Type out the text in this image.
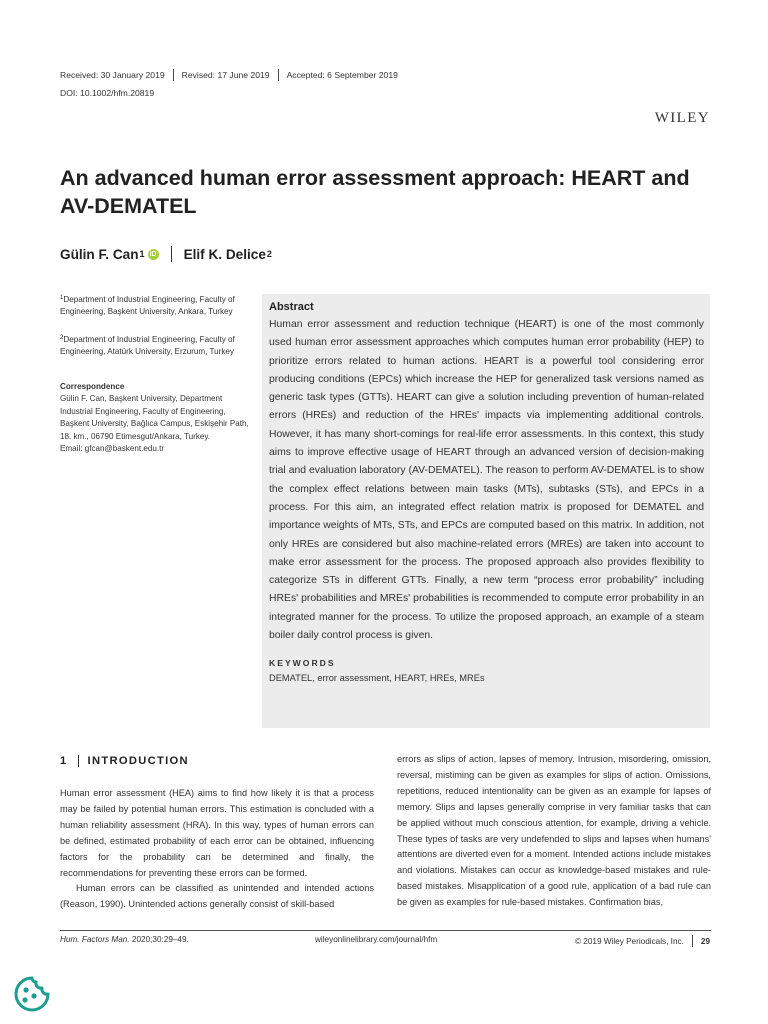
Received: 30 January 2019 Revised: 17 June 2019 Accepted: 6 September 2019
DOI: 10.1002/hfm.20819
WILEY
An advanced human error assessment approach: HEART and AV-DEMATEL
Gülin F. Can 1 iD Elif K. Delice 2
$^1$Department of Industrial Engineering, Faculty of Engineering, Başkent University, Ankara, Turkey
$^2$Department of Industrial Engineering, Faculty of Engineering, Atatürk University, Erzurum, Turkey
Correspondence
Gülin F. Can, Başkent University, Department Industrial Engineering, Faculty of Engineering, Başkent University, Bağlıca Campus, Eskişehir Path, 18. km., 06790 Etimesgut/Ankara, Turkey.
Email: gfcan@baskent.edu.tr
Abstract
Human error assessment and reduction technique (HEART) is one of the most commonly used human error assessment approaches which computes human error probability (HEP) to prioritize errors related to human actions. HEART is a powerful tool considering error producing conditions (EPCs) which increase the HEP for generalized task versions named as generic task types (GTTs). HEART can give a solution including prevention of human-related errors (HREs) and reduction of the HREs' impacts via implementing additional controls. However, it has many short-comings for real-life error assessments. In this context, this study aims to improve effective usage of HEART through an advanced version of decision-making trial and evaluation laboratory (AV-DEMATEL). The reason to perform AV-DEMATEL is to show the complex effect relations between main tasks (MTs), subtasks (STs), and EPCs in a process. For this aim, an integrated effect relation matrix is proposed for DEMATEL and importance weights of MTs, STs, and EPCs are computed based on this matrix. In addition, not only HREs are considered but also machine-related errors (MREs) are taken into account to make error assessment for the process. The proposed approach also provides flexibility to categorize STs in different GTTs. Finally, a new term “process error probability” including HREs' probabilities and MREs' probabilities is recommended to compute error probability in an integrated manner for the process. To utilize the proposed approach, an example of a steam boiler daily control process is given.
KEYWORDS
DEMATEL, error assessment, HEART, HREs, MREs
1 INTRODUCTION

Human error assessment (HEA) aims to find how likely it is that a process may be failed by potential human errors. This estimation is concluded with a human reliability assessment (HRA). In this way, types of human errors can be defined, estimated probability of each error can be obtained, influencing factors for the probability can be determined and finally, the recommendations for preventing these errors can be formed.

Human errors can be classified as unintended and intended actions (Reason, 1990). Unintended actions generally consist of skill-based

errors as slips of action, lapses of memory. Intrusion, misordering, omission, reversal, mistiming can be given as examples for slips of action. Omissions, repetitions, reduced intentionality can be given as an example for lapses of memory. Slips and lapses generally comprise in very familiar tasks that can be applied without much conscious attention, for example, driving a vehicle. These types of tasks are very undefended to slips and lapses when humans' attentions are diverted even for a moment. Intended actions include mistakes and violations. Mistakes can occur as knowledge-based mistakes and rule-based mistakes. Misapplication of a good rule, application of a bad rule can be given as examples for rule-based mistakes. Confirmation bias,

Hum. Factors Man. 2020;30:29–49.	wileyonlinelibrary.com/journal/hfm	© 2019 Wiley Periodicals, Inc. 29
